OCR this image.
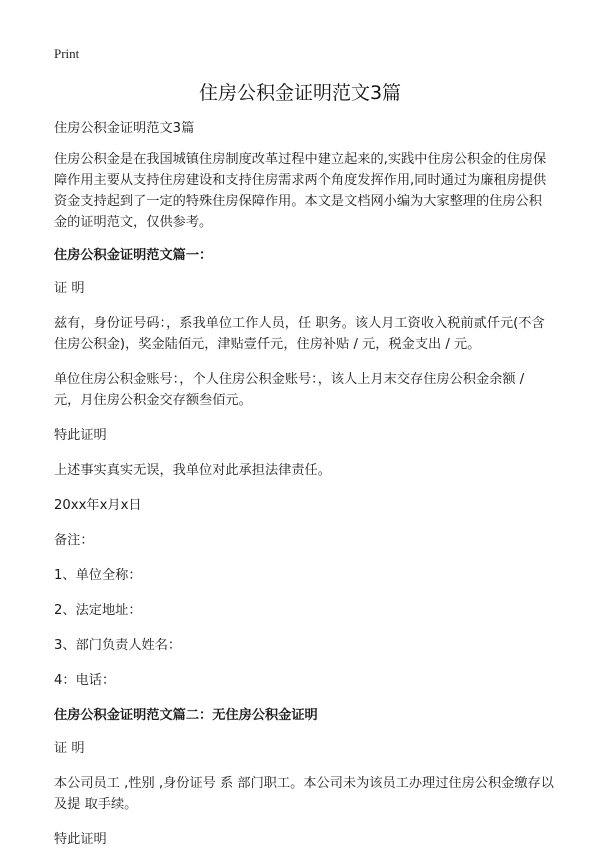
Print
住房公积金证明范文3篇

住房公积金证明范文3篇

住房公积金是在我国城镇住房制度改革过程中建立起来的,实践中住房公积金的住房保障作用主要从支持住房建设和支持住房需求两个角度发挥作用,同时通过为廉租房提供资金支持起到了一定的特殊住房保障作用。本文是文档网小编为大家整理的住房公积金的证明范文，仅供参考。

住房公积金证明范文篇一：

证 明

兹有，身份证号码：，系我单位工作人员，任 职务。该人月工资收入税前贰仟元(不含住房公积金)，奖金陆佰元，津贴壹仟元，住房补贴 / 元，税金支出 / 元。

单位住房公积金账号：，个人住房公积金账号：，该人上月末交存住房公积金余额 / 元，月住房公积金交存额叁佰元。

特此证明

上述事实真实无误，我单位对此承担法律责任。

20xx年x月x日

备注：

1、单位全称：

2、法定地址：

3、部门负责人姓名：

4：电话：

住房公积金证明范文篇二：无住房公积金证明

证 明

本公司员工 ,性别 ,身份证号 系 部门职工。本公司未为该员工办理过住房公积金缴存以及提 取手续。

特此证明
